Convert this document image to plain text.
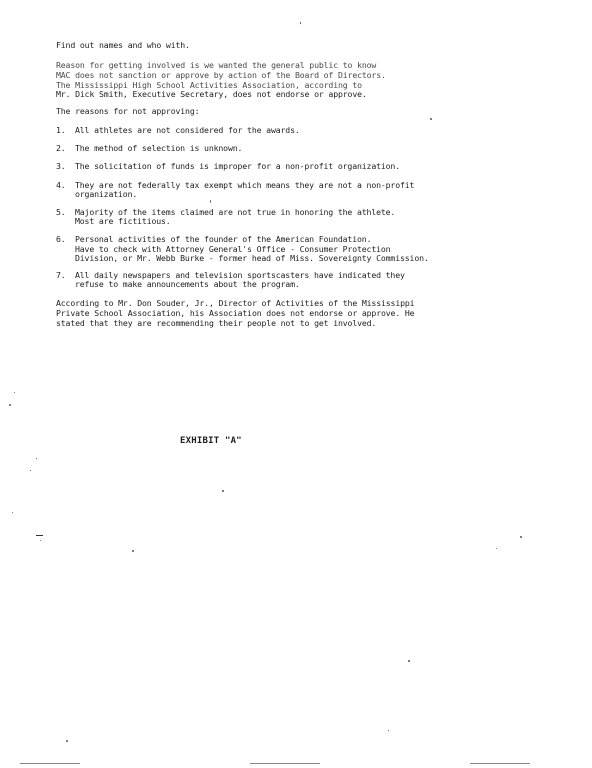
'
Find out names and who with.
Reason for getting involved is we wanted the general public to know
MAC does not sanction or approve by action of the Board of Directors.
The Mississippi High School Activities Association, according to
Mr. Dick Smith, Executive Secretary, does not endorse or approve.
The reasons for not approving:
1. All athletes are not considered for the awards.
2. The method of selection is unknown.
3. The solicitation of funds is improper for a non-profit organization.
4. They are not federally tax exempt which means they are not a non-profit
organization.
5. Majority of the items claimed are not true in honoring the athlete.
Most are fictitious.
6. Personal activities of the founder of the American Foundation.
Have to check with Attorney General's Office - Consumer Protection
Division, or Mr. Webb Burke - former head of Miss. Sovereignty Commission.
7. All daily newspapers and television sportscasters have indicated they
refuse to make announcements about the program.
According to Mr. Don Souder, Jr., Director of Activities of the Mississippi
Private School Association, his Association does not endorse or approve. He
stated that they are recommending their people not to get involved.
EXHIBIT "A"
